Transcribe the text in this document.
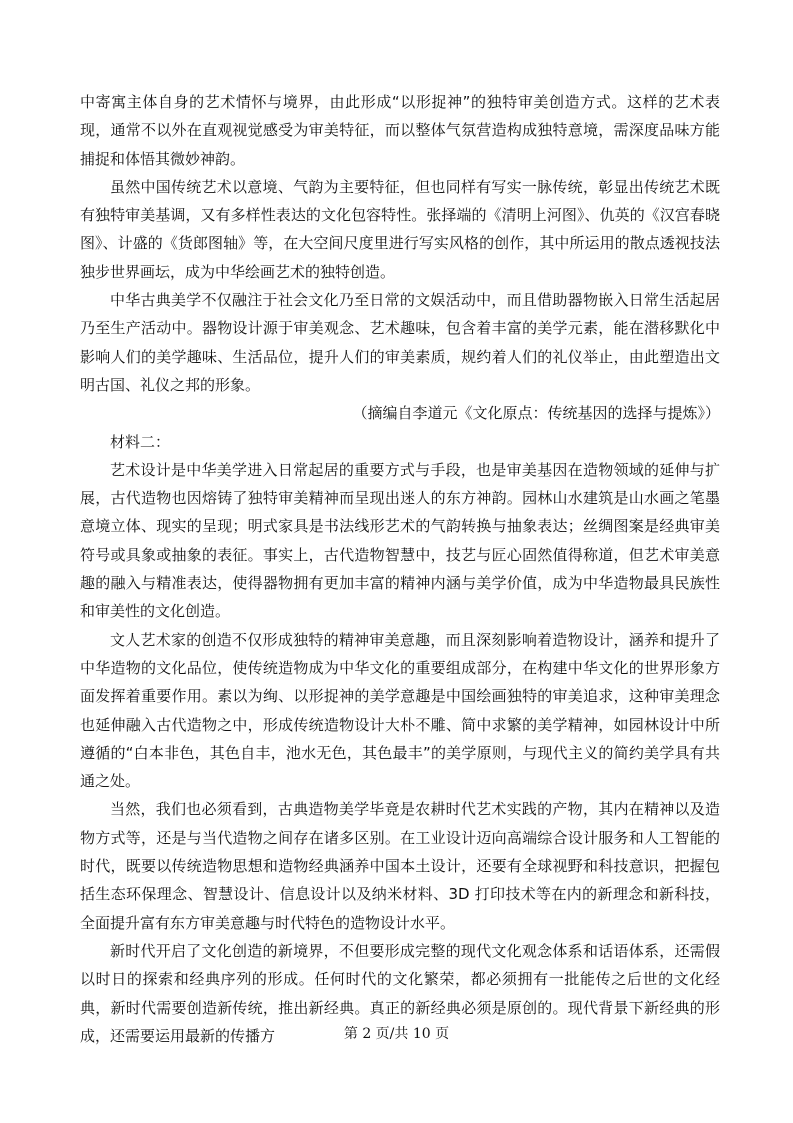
中寄寓主体自身的艺术情怀与境界，由此形成“以形捉神”的独特审美创造方式。这样的艺术表现，通常不以外在直观视觉感受为审美特征，而以整体气氛营造构成独特意境，需深度品味方能捕捉和体悟其微妙神韵。

虽然中国传统艺术以意境、气韵为主要特征，但也同样有写实一脉传统，彰显出传统艺术既有独特审美基调，又有多样性表达的文化包容特性。张择端的《清明上河图》、仇英的《汉宫春晓图》、计盛的《货郎图轴》等，在大空间尺度里进行写实风格的创作，其中所运用的散点透视技法独步世界画坛，成为中华绘画艺术的独特创造。

中华古典美学不仅融注于社会文化乃至日常的文娱活动中，而且借助器物嵌入日常生活起居乃至生产活动中。器物设计源于审美观念、艺术趣味，包含着丰富的美学元素，能在潜移默化中影响人们的美学趣味、生活品位，提升人们的审美素质，规约着人们的礼仪举止，由此塑造出文明古国、礼仪之邦的形象。

（摘编自李道元《文化原点：传统基因的选择与提炼》）

材料二：

艺术设计是中华美学进入日常起居的重要方式与手段，也是审美基因在造物领域的延伸与扩展，古代造物也因熔铸了独特审美精神而呈现出迷人的东方神韵。园林山水建筑是山水画之笔墨意境立体、现实的呈现；明式家具是书法线形艺术的气韵转换与抽象表达；丝绸图案是经典审美符号或具象或抽象的表征。事实上，古代造物智慧中，技艺与匠心固然值得称道，但艺术审美意趣的融入与精准表达，使得器物拥有更加丰富的精神内涵与美学价值，成为中华造物最具民族性和审美性的文化创造。

文人艺术家的创造不仅形成独特的精神审美意趣，而且深刻影响着造物设计，涵养和提升了中华造物的文化品位，使传统造物成为中华文化的重要组成部分，在构建中华文化的世界形象方面发挥着重要作用。素以为绚、以形捉神的美学意趣是中国绘画独特的审美追求，这种审美理念也延伸融入古代造物之中，形成传统造物设计大朴不雕、简中求繁的美学精神，如园林设计中所遵循的“白本非色，其色自丰，池水无色，其色最丰”的美学原则，与现代主义的简约美学具有共通之处。

当然，我们也必须看到，古典造物美学毕竟是农耕时代艺术实践的产物，其内在精神以及造物方式等，还是与当代造物之间存在诸多区别。在工业设计迈向高端综合设计服务和人工智能的时代，既要以传统造物思想和造物经典涵养中国本土设计，还要有全球视野和科技意识，把握包括生态环保理念、智慧设计、信息设计以及纳米材料、3D 打印技术等在内的新理念和新科技，全面提升富有东方审美意趣与时代特色的造物设计水平。

新时代开启了文化创造的新境界，不但要形成完整的现代文化观念体系和话语体系，还需假以时日的探索和经典序列的形成。任何时代的文化繁荣，都必须拥有一批能传之后世的文化经典，新时代需要创造新传统，推出新经典。真正的新经典必须是原创的。现代背景下新经典的形成，还需要运用最新的传播方	第 2 页/共 10 页
